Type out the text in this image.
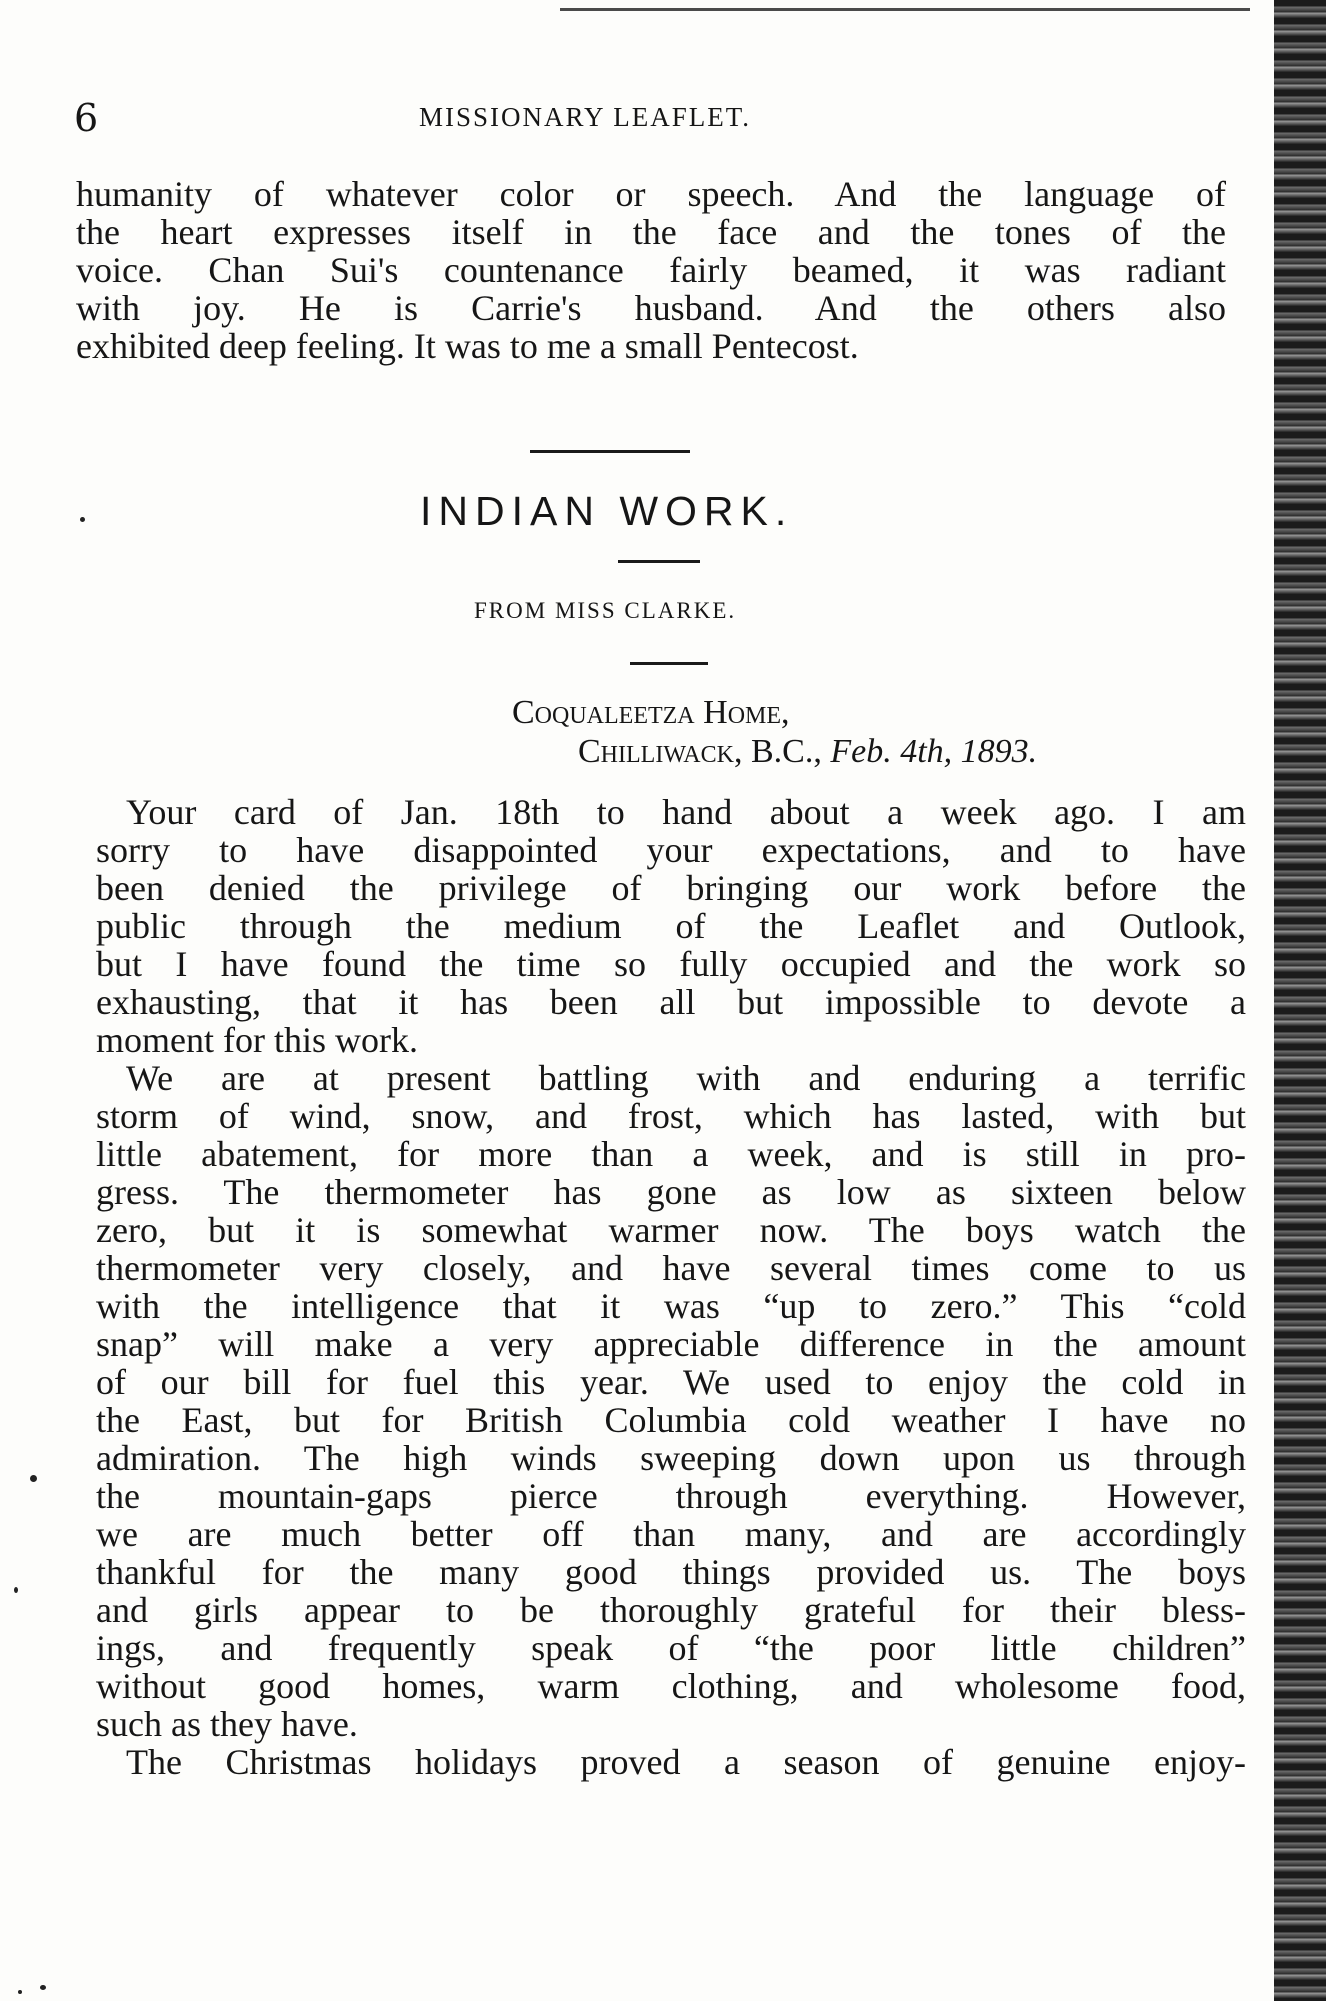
6	MISSIONARY LEAFLET.
humanity of whatever color or speech. And the language of
the heart expresses itself in the face and the tones of the
voice. Chan Sui's countenance fairly beamed, it was radiant
with joy. He is Carrie's husband. And the others also
exhibited deep feeling. It was to me a small Pentecost.
INDIAN WORK.
FROM MISS CLARKE.
Coqualeetza Home,
Chilliwack, B.C., Feb. 4th, 1893.
Your card of Jan. 18th to hand about a week ago. I am
sorry to have disappointed your expectations, and to have
been denied the privilege of bringing our work before the
public through the medium of the Leaflet and Outlook,
but I have found the time so fully occupied and the work so
exhausting, that it has been all but impossible to devote a
moment for this work.
We are at present battling with and enduring a terrific
storm of wind, snow, and frost, which has lasted, with but
little abatement, for more than a week, and is still in pro-
gress. The thermometer has gone as low as sixteen below
zero, but it is somewhat warmer now. The boys watch the
thermometer very closely, and have several times come to us
with the intelligence that it was “up to zero.” This “cold
snap” will make a very appreciable difference in the amount
of our bill for fuel this year. We used to enjoy the cold in
the East, but for British Columbia cold weather I have no
admiration. The high winds sweeping down upon us through
the mountain-gaps pierce through everything. However,
we are much better off than many, and are accordingly
thankful for the many good things provided us. The boys
and girls appear to be thoroughly grateful for their bless-
ings, and frequently speak of “the poor little children”
without good homes, warm clothing, and wholesome food,
such as they have.
The Christmas holidays proved a season of genuine enjoy-
